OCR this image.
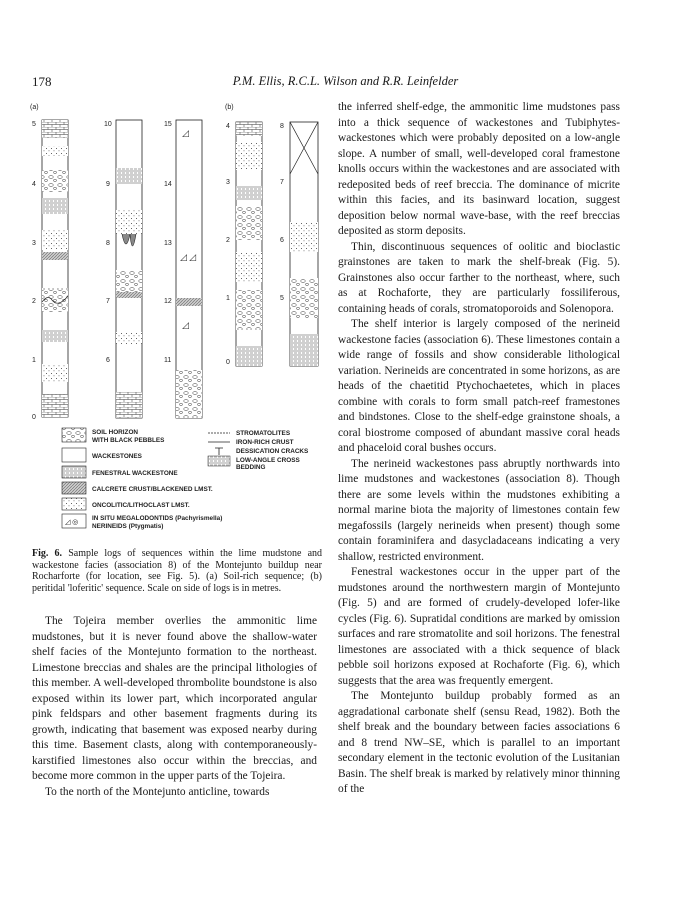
178	P.M. Ellis, R.C.L. Wilson and R.R. Leinfelder
(a)	(b)
5
4
3
2
1
0
10
9
8
7
6
◿
◿ ◿
◿
15
14
13
12
11
4
3
2
1
0
8
7
6
5
SOIL HORIZON
WITH BLACK PEBBLES
WACKESTONES
FENESTRAL WACKESTONE
CALCRETE CRUST/BLACKENED LMST.
ONCOLITIC/LITHOCLAST LMST.
◿ ◎ IN SITU MEGALODONTIDS (Pachyrismella)
NERINEIDS (Ptygmatis)
STROMATOLITES
IRON-RICH CRUST
DESSICATION CRACKS
LOW-ANGLE CROSS
BEDDING
Fig. 6. Sample logs of sequences within the lime mudstone and wackestone facies (association 8) of the Montejunto buildup near Rocharforte (for location, see Fig. 5). (a) Soil-rich sequence; (b) peritidal 'loferitic' sequence. Scale on side of logs is in metres.

The Tojeira member overlies the ammonitic lime mudstones, but it is never found above the shallow-water shelf facies of the Montejunto formation to the northeast. Limestone breccias and shales are the principal lithologies of this member. A well-developed thrombolite boundstone is also exposed within its lower part, which incorporated angular pink feldspars and other basement fragments during its growth, indicating that basement was exposed nearby during this time. Basement clasts, along with contemporaneously-karstified limestones also occur within the breccias, and become more common in the upper parts of the Tojeira.

To the north of the Montejunto anticline, towards

the inferred shelf-edge, the ammonitic lime mudstones pass into a thick sequence of wackestones and Tubiphytes-wackestones which were probably deposited on a low-angle slope. A number of small, well-developed coral framestone knolls occurs within the wackestones and are associated with redeposited beds of reef breccia. The dominance of micrite within this facies, and its basinward location, suggest deposition below normal wave-base, with the reef breccias deposited as storm deposits.

Thin, discontinuous sequences of oolitic and bioclastic grainstones are taken to mark the shelf-break (Fig. 5). Grainstones also occur farther to the northeast, where, such as at Rochaforte, they are particularly fossiliferous, containing heads of corals, stromatoporoids and Solenopora.

The shelf interior is largely composed of the nerineid wackestone facies (association 6). These limestones contain a wide range of fossils and show considerable lithological variation. Nerineids are concentrated in some horizons, as are heads of the chaetitid Ptychochaetetes, which in places combine with corals to form small patch-reef framestones and bindstones. Close to the shelf-edge grainstone shoals, a coral biostrome composed of abundant massive coral heads and phaceloid coral bushes occurs.

The nerineid wackestones pass abruptly northwards into lime mudstones and wackestones (association 8). Though there are some levels within the mudstones exhibiting a normal marine biota the majority of limestones contain few megafossils (largely nerineids when present) though some contain foraminifera and dasycladaceans indicating a very shallow, restricted environment.

Fenestral wackestones occur in the upper part of the mudstones around the northwestern margin of Montejunto (Fig. 5) and are formed of crudely-developed lofer-like cycles (Fig. 6). Supratidal conditions are marked by omission surfaces and rare stromatolite and soil horizons. The fenestral limestones are associated with a thick sequence of black pebble soil horizons exposed at Rochaforte (Fig. 6), which suggests that the area was frequently emergent.

The Montejunto buildup probably formed as an aggradational carbonate shelf (sensu Read, 1982). Both the shelf break and the boundary between facies associations 6 and 8 trend NW–SE, which is parallel to an important secondary element in the tectonic evolution of the Lusitanian Basin. The shelf break is marked by relatively minor thinning of the
